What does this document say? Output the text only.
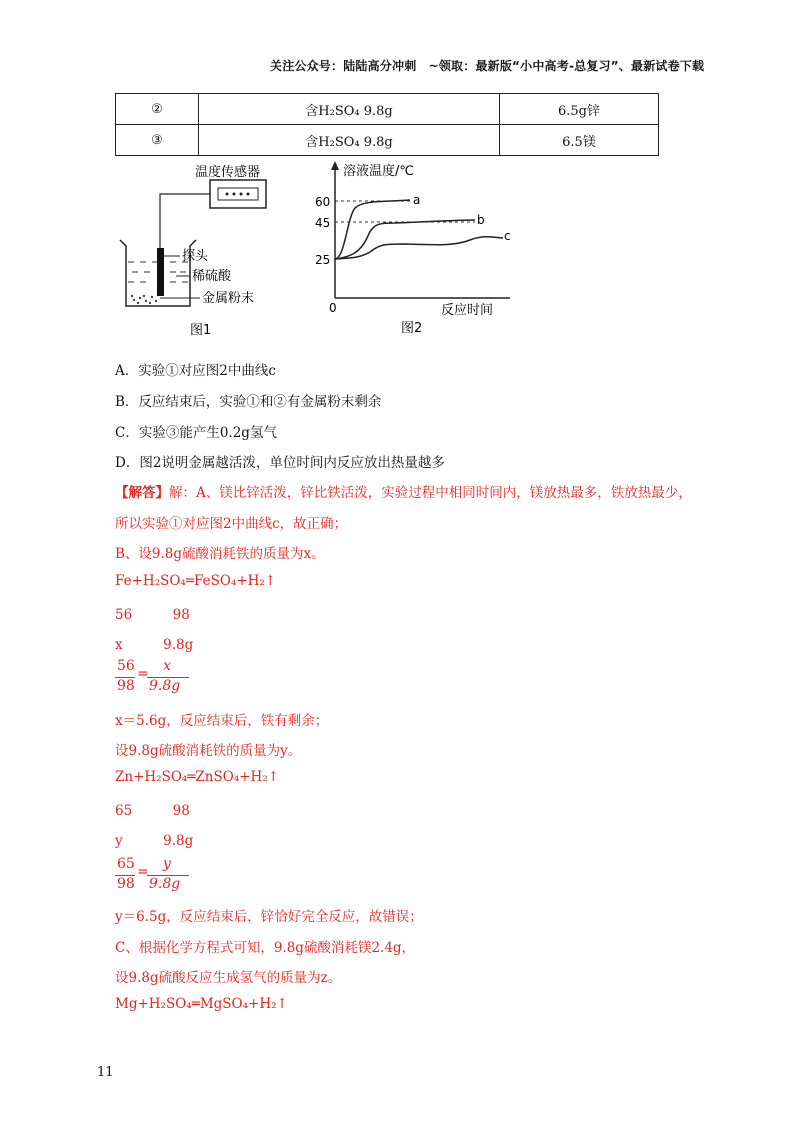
关注公众号：陆陆高分冲刺　~领取：最新版“小中高考-总复习”、最新试卷下载
②	含H₂SO₄ 9.8g	6.5g锌
③	含H₂SO₄ 9.8g	6.5镁
温度传感器
探头
稀硫酸
金属粉末
图1
溶液温度/℃
60
45
25
a
b
c
0	反应时间
图2
A．实验①对应图2中曲线c
B．反应结束后，实验①和②有金属粉末剩余
C．实验③能产生0.2g氢气
D．图2说明金属越活泼，单位时间内反应放出热量越多
【解答】解：A、镁比锌活泼，锌比铁活泼，实验过程中相同时间内，镁放热最多，铁放热最少，
所以实验①对应图2中曲线c，故正确；
B、设9.8g硫酸消耗铁的质量为x。
Fe+H₂SO₄═FeSO₄+H₂↑
56　　　98
x　　　9.8g
56
98
= x
9.8g
x＝5.6g，反应结束后，铁有剩余；
设9.8g硫酸消耗铁的质量为y。
Zn+H₂SO₄═ZnSO₄+H₂↑
65　　　98
y　　　9.8g
65
98
= y
9.8g
y＝6.5g，反应结束后，锌恰好完全反应，故错误；
C、根据化学方程式可知，9.8g硫酸消耗镁2.4g，
设9.8g硫酸反应生成氢气的质量为z。
Mg+H₂SO₄═MgSO₄+H₂↑
11
